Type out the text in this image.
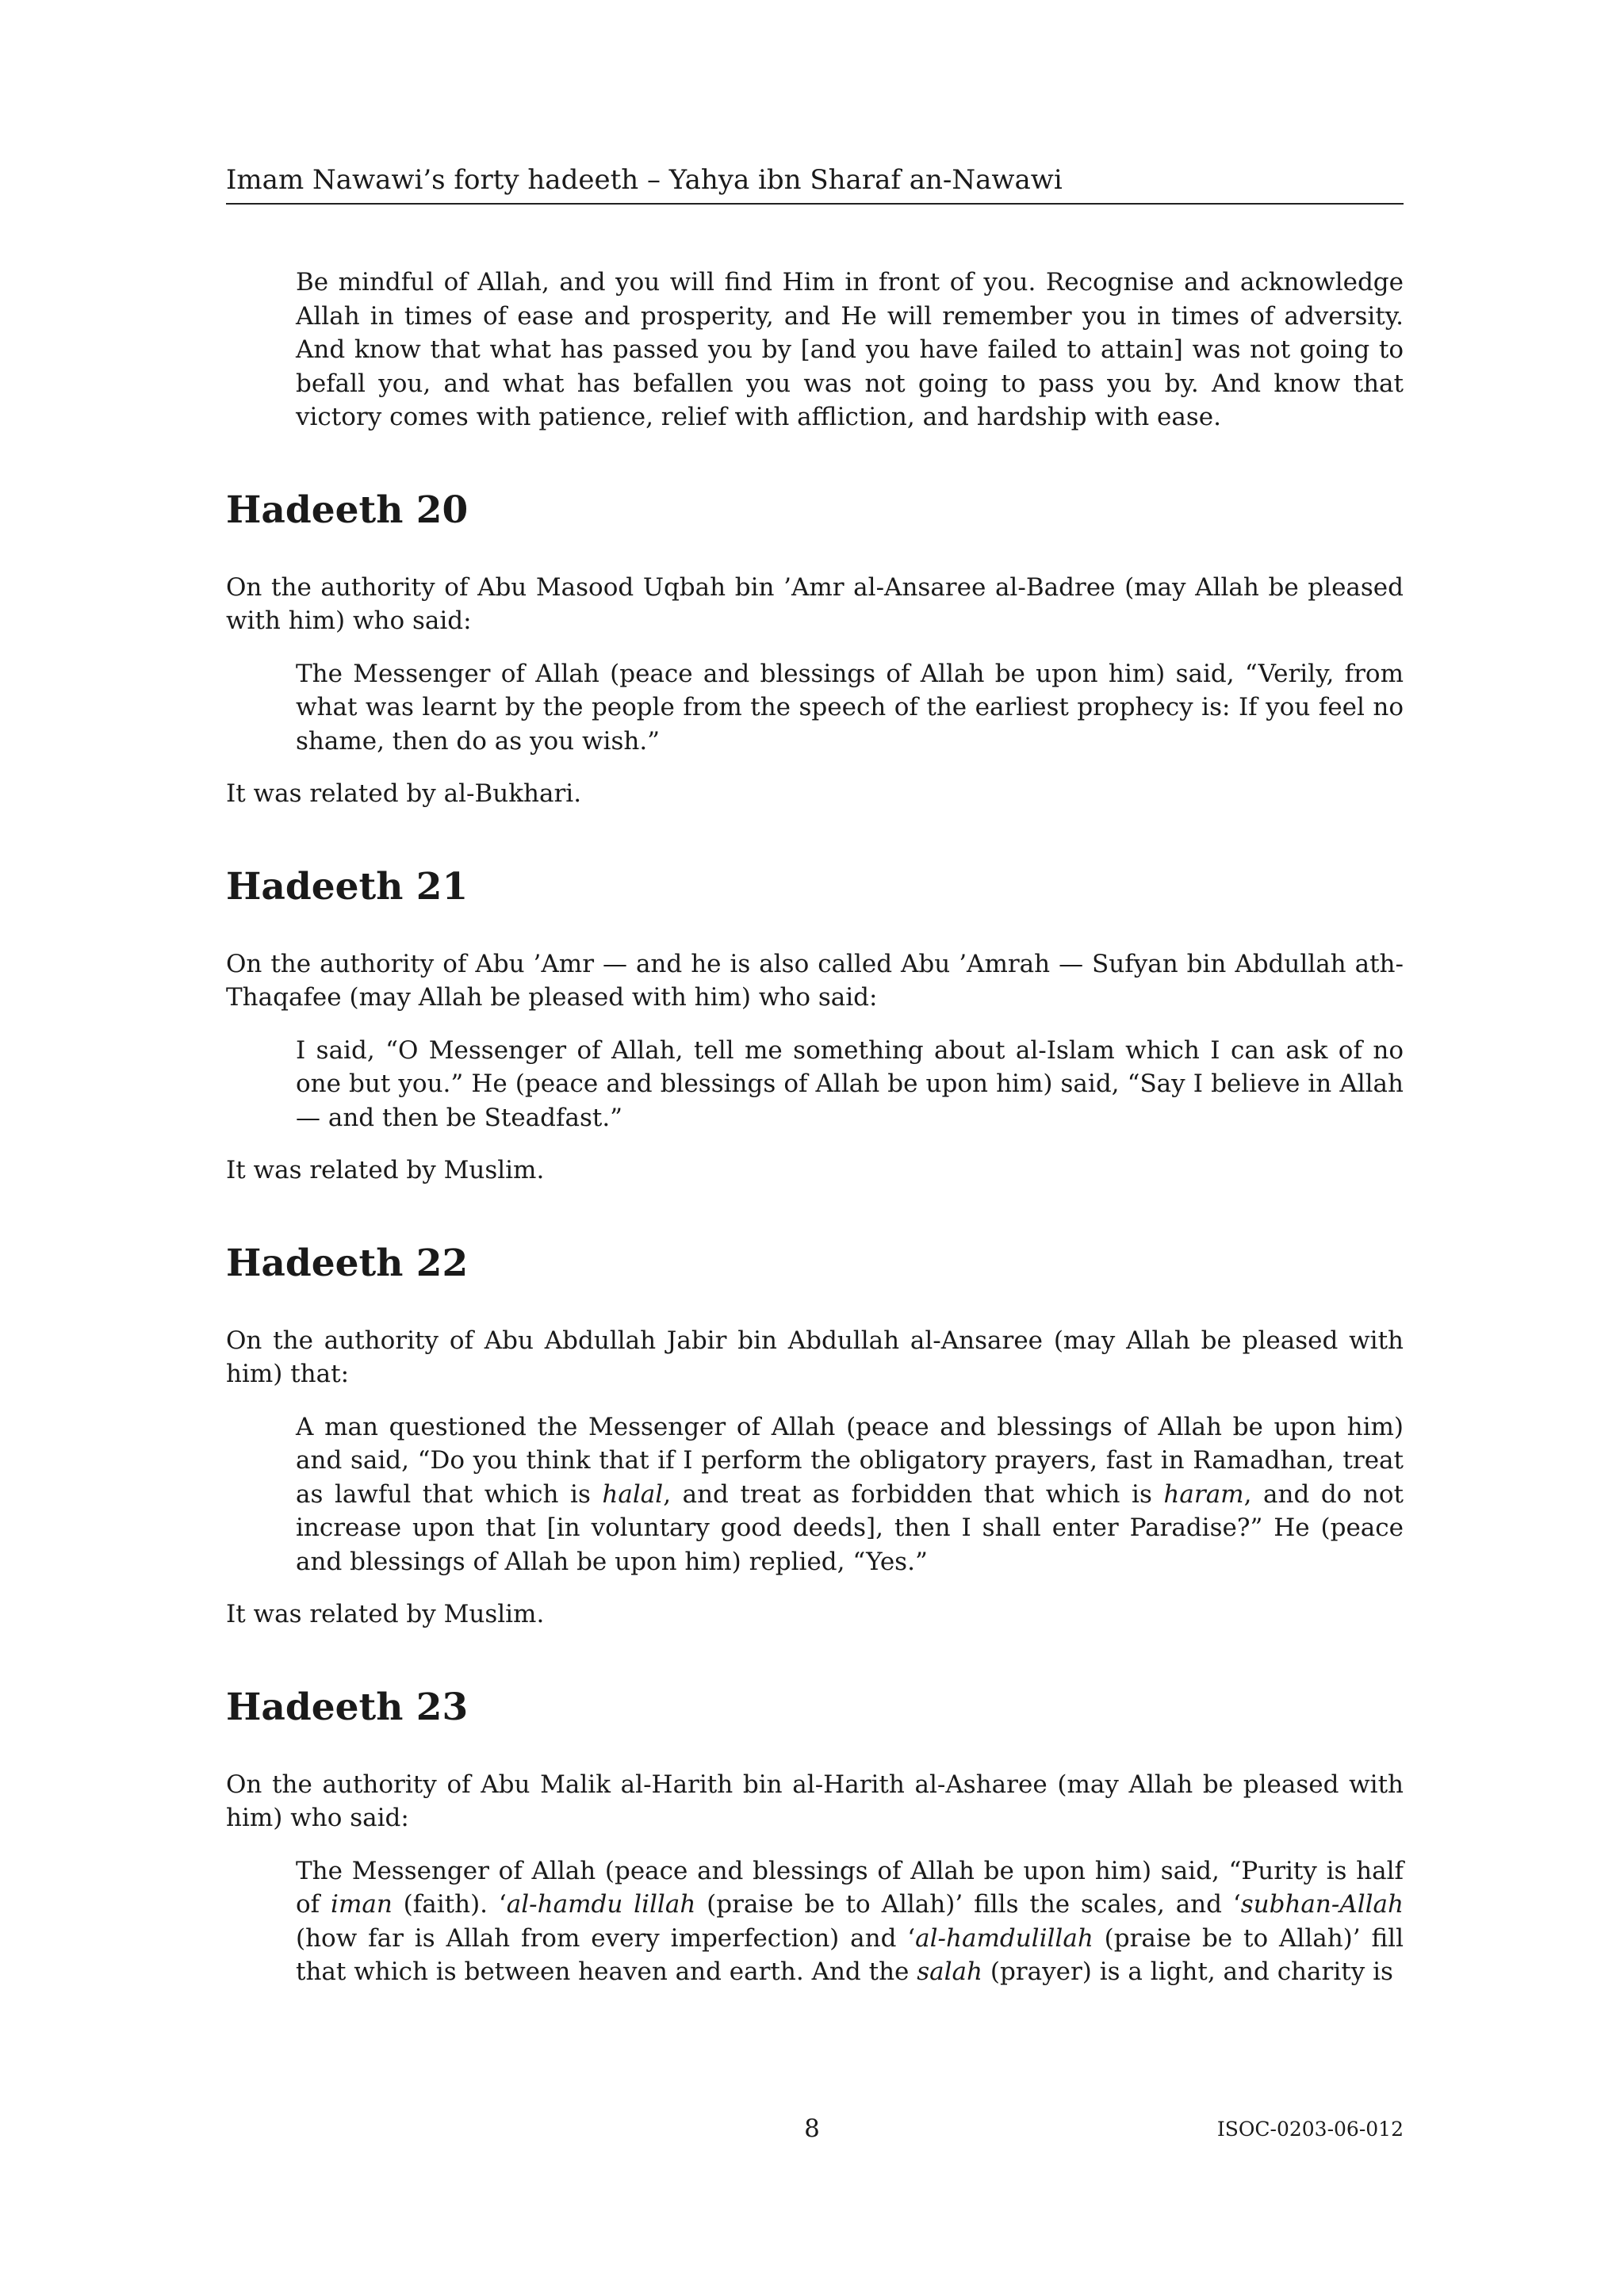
Imam Nawawi’s forty hadeeth – Yahya ibn Sharaf an-Nawawi
Be mindful of Allah, and you will find Him in front of you. Recognise and acknowledge Allah in times of ease and prosperity, and He will remember you in times of adversity. And know that what has passed you by [and you have failed to attain] was not going to befall you, and what has befallen you was not going to pass you by. And know that victory comes with patience, relief with affliction, and hardship with ease.
Hadeeth 20
On the authority of Abu Masood Uqbah bin ’Amr al-Ansaree al-Badree (may Allah be pleased with him) who said:
The Messenger of Allah (peace and blessings of Allah be upon him) said, “Verily, from what was learnt by the people from the speech of the earliest prophecy is: If you feel no shame, then do as you wish.”
It was related by al-Bukhari.
Hadeeth 21
On the authority of Abu ’Amr — and he is also called Abu ’Amrah — Sufyan bin Abdullah ath-Thaqafee (may Allah be pleased with him) who said:
I said, “O Messenger of Allah, tell me something about al-Islam which I can ask of no one but you.” He (peace and blessings of Allah be upon him) said, “Say I believe in Allah — and then be Steadfast.”
It was related by Muslim.
Hadeeth 22
On the authority of Abu Abdullah Jabir bin Abdullah al-Ansaree (may Allah be pleased with him) that:
A man questioned the Messenger of Allah (peace and blessings of Allah be upon him) and said, “Do you think that if I perform the obligatory prayers, fast in Ramadhan, treat as lawful that which is halal, and treat as forbidden that which is haram, and do not increase upon that [in voluntary good deeds], then I shall enter Paradise?” He (peace and blessings of Allah be upon him) replied, “Yes.”
It was related by Muslim.
Hadeeth 23
On the authority of Abu Malik al-Harith bin al-Harith al-Asharee (may Allah be pleased with him) who said:
The Messenger of Allah (peace and blessings of Allah be upon him) said, “Purity is half of iman (faith). ‘al-hamdu lillah (praise be to Allah)’ fills the scales, and ‘subhan-Allah (how far is Allah from every imperfection) and ‘al-hamdulillah (praise be to Allah)’ fill that which is between heaven and earth. And the salah (prayer) is a light, and charity is
8	ISOC-0203-06-012
